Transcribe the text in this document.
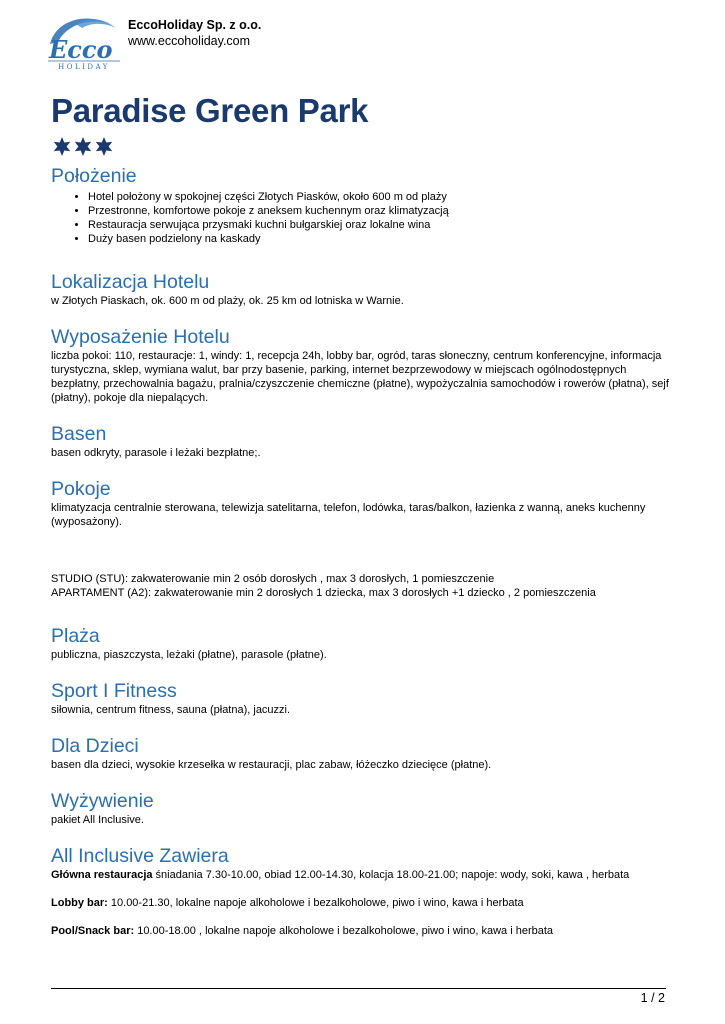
Ecco
HOLIDAY
EccoHoliday Sp. z o.o.
www.eccoholiday.com
Paradise Green Park
Położenie
• Hotel położony w spokojnej części Złotych Piasków, około 600 m od plaży
• Przestronne, komfortowe pokoje z aneksem kuchennym oraz klimatyzacją
• Restauracja serwująca przysmaki kuchni bułgarskiej oraz lokalne wina
• Duży basen podzielony na kaskady
Lokalizacja Hotelu

w Złotych Piaskach, ok. 600 m od plaży, ok. 25 km od lotniska w Warnie.

Wyposażenie Hotelu

liczba pokoi: 110, restauracje: 1, windy: 1, recepcja 24h, lobby bar, ogród, taras słoneczny, centrum konferencyjne, informacja

turystyczna, sklep, wymiana walut, bar przy basenie, parking, internet bezprzewodowy w miejscach ogólnodostępnych

bezpłatny, przechowalnia bagażu, pralnia/czyszczenie chemiczne (płatne), wypożyczalnia samochodów i rowerów (płatna), sejf

(płatny), pokoje dla niepalących.

Basen

basen odkryty, parasole i leżaki bezpłatne;.

Pokoje

klimatyzacja centralnie sterowana, telewizja satelitarna, telefon, lodówka, taras/balkon, łazienka z wanną, aneks kuchenny

(wyposażony).

STUDIO (STU): zakwaterowanie min 2 osób dorosłych , max 3 dorosłych, 1 pomieszczenie

APARTAMENT (A2): zakwaterowanie min 2 dorosłych 1 dziecka, max 3 dorosłych +1 dziecko , 2 pomieszczenia

Plaża

publiczna, piaszczysta, leżaki (płatne), parasole (płatne).

Sport I Fitness

siłownia, centrum fitness, sauna (płatna), jacuzzi.

Dla Dzieci

basen dla dzieci, wysokie krzesełka w restauracji, plac zabaw, łóżeczko dziecięce (płatne).

Wyżywienie

pakiet All Inclusive.

All Inclusive Zawiera

Główna restauracja śniadania 7.30-10.00, obiad 12.00-14.30, kolacja 18.00-21.00; napoje: wody, soki, kawa , herbata

Lobby bar: 10.00-21.30, lokalne napoje alkoholowe i bezalkoholowe, piwo i wino, kawa i herbata

Pool/Snack bar: 10.00-18.00 , lokalne napoje alkoholowe i bezalkoholowe, piwo i wino, kawa i herbata

1 / 2
